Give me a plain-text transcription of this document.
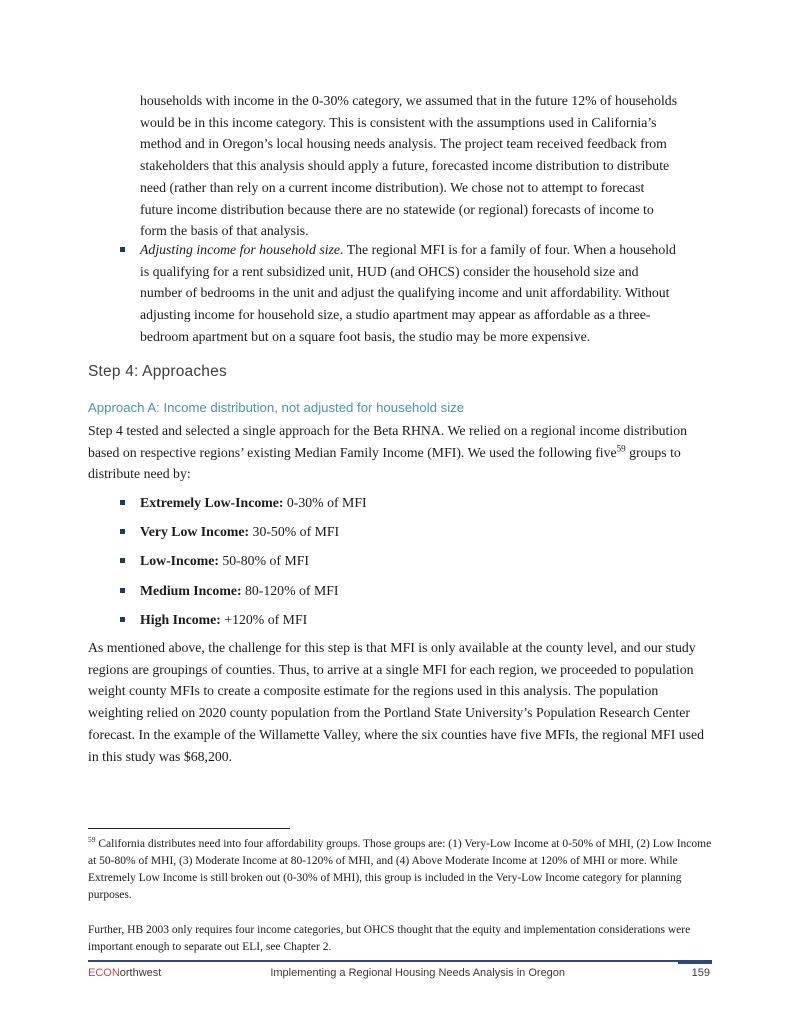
households with income in the 0-30% category, we assumed that in the future 12% of households would be in this income category. This is consistent with the assumptions used in California’s method and in Oregon’s local housing needs analysis. The project team received feedback from stakeholders that this analysis should apply a future, forecasted income distribution to distribute need (rather than rely on a current income distribution). We chose not to attempt to forecast future income distribution because there are no statewide (or regional) forecasts of income to form the basis of that analysis.

Adjusting income for household size. The regional MFI is for a family of four. When a household is qualifying for a rent subsidized unit, HUD (and OHCS) consider the household size and number of bedrooms in the unit and adjust the qualifying income and unit affordability. Without adjusting income for household size, a studio apartment may appear as affordable as a three-bedroom apartment but on a square foot basis, the studio may be more expensive.

Step 4: Approaches
Approach A: Income distribution, not adjusted for household size

Step 4 tested and selected a single approach for the Beta RHNA. We relied on a regional income distribution based on respective regions’ existing Median Family Income (MFI). We used the following five$^{59}$ groups to distribute need by:

Extremely Low-Income: 0-30% of MFI
Very Low Income: 30-50% of MFI
Low-Income: 50-80% of MFI
Medium Income: 80-120% of MFI
High Income: +120% of MFI

As mentioned above, the challenge for this step is that MFI is only available at the county level, and our study regions are groupings of counties. Thus, to arrive at a single MFI for each region, we proceeded to population weight county MFIs to create a composite estimate for the regions used in this analysis. The population weighting relied on 2020 county population from the Portland State University’s Population Research Center forecast. In the example of the Willamette Valley, where the six counties have five MFIs, the regional MFI used in this study was $68,200.

$^{59}$ California distributes need into four affordability groups. Those groups are: (1) Very-Low Income at 0-50% of MHI, (2) Low Income at 50-80% of MHI, (3) Moderate Income at 80-120% of MHI, and (4) Above Moderate Income at 120% of MHI or more. While Extremely Low Income is still broken out (0-30% of MHI), this group is included in the Very-Low Income category for planning purposes.

Further, HB 2003 only requires four income categories, but OHCS thought that the equity and implementation considerations were important enough to separate out ELI, see Chapter 2.

ECONorthwest	Implementing a Regional Housing Needs Analysis in Oregon	159
